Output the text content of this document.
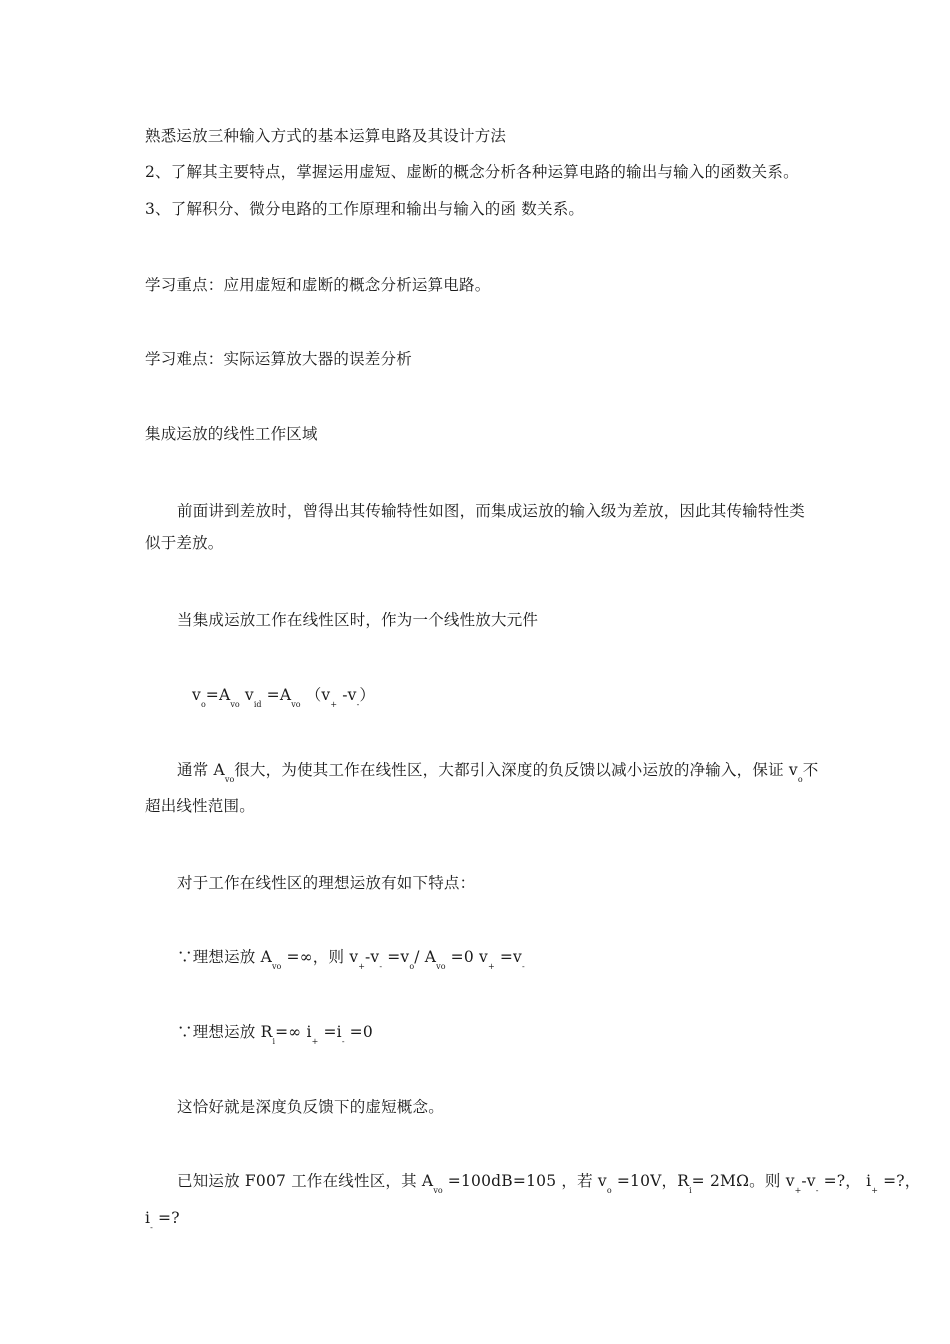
熟悉运放三种输入方式的基本运算电路及其设计方法
2、了解其主要特点，掌握运用虚短、虚断的概念分析各种运算电路的输出与输入的函数关系。
3、了解积分、微分电路的工作原理和输出与输入的函 数关系。
学习重点：应用虚短和虚断的概念分析运算电路。
学习难点：实际运算放大器的误差分析
集成运放的线性工作区域
前面讲到差放时，曾得出其传输特性如图，而集成运放的输入级为差放，因此其传输特性类似于差放。
当集成运放工作在线性区时，作为一个线性放大元件
$v_o=A_{vo}$ $v_{id} =A_{vo}$ （$v_+$ $-v_-$）
通常 $A_{vo}$很大，为使其工作在线性区，大都引入深度的负反馈以减小运放的净输入，保证 $v_o$不
超出线性范围。
对于工作在线性区的理想运放有如下特点：
∵理想运放 $A_{vo}$ =∞，则 $v_+-v_- =v_o/$ $A_{vo} =0$ $v_+ =v_-$
∵理想运放 $R_i=\infty$ $i_+ =i_- =0$
这恰好就是深度负反馈下的虚短概念。
已知运放 F007 工作在线性区，其 $A_{vo} =100dB=105$ ，若 $v_o =10V$，$R_i= 2M\Omega$。则 $v_+-v_-$ =?， $i_+$ =?，
$i_-$ =?
